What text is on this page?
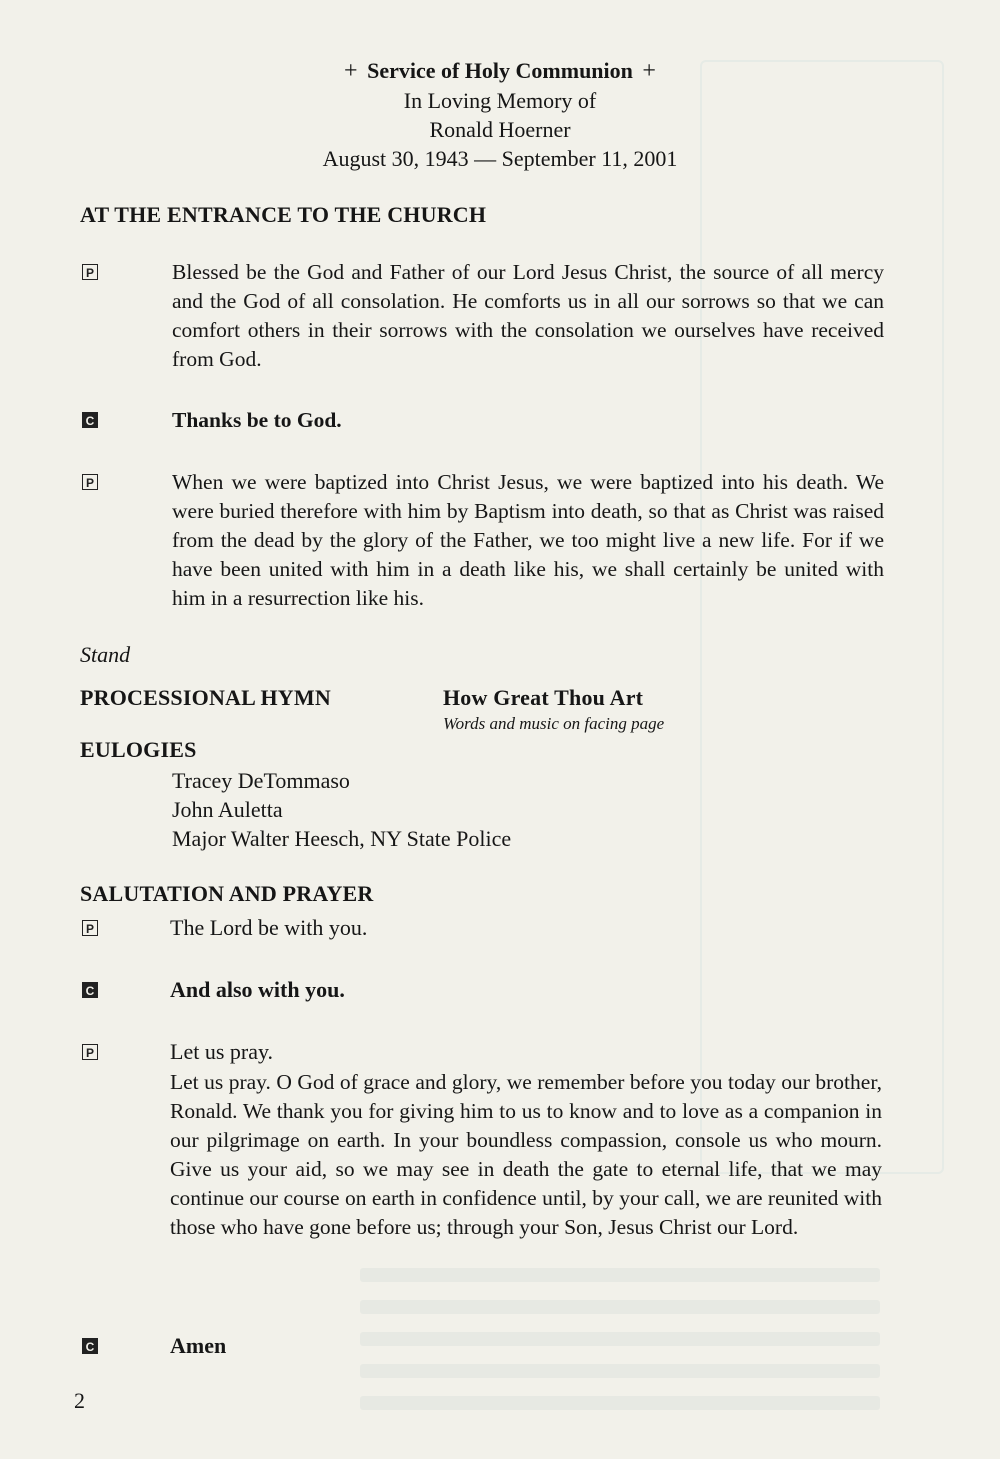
+ Service of Holy Communion +
In Loving Memory of
Ronald Hoerner
August 30, 1943 — September 11, 2001
AT THE ENTRANCE TO THE CHURCH
P	Blessed be the God and Father of our Lord Jesus Christ, the source of all mercy and the God of all consolation. He comforts us in all our sorrows so that we can comfort others in their sorrows with the consolation we ourselves have received from God.
C	Thanks be to God.
P	When we were baptized into Christ Jesus, we were baptized into his death. We were buried therefore with him by Baptism into death, so that as Christ was raised from the dead by the glory of the Father, we too might live a new life. For if we have been united with him in a death like his, we shall certainly be united with him in a resurrection like his.
Stand
PROCESSIONAL HYMN	How Great Thou Art
Words and music on facing page
EULOGIES
Tracey DeTommaso
John Auletta
Major Walter Heesch, NY State Police
SALUTATION AND PRAYER
P	The Lord be with you.
C	And also with you.
P	Let us pray.
Let us pray. O God of grace and glory, we remember before you today our brother, Ronald. We thank you for giving him to us to know and to love as a companion in our pilgrimage on earth. In your boundless compassion, console us who mourn. Give us your aid, so we may see in death the gate to eternal life, that we may continue our course on earth in confidence until, by your call, we are reunited with those who have gone before us; through your Son, Jesus Christ our Lord.
C	Amen
2
